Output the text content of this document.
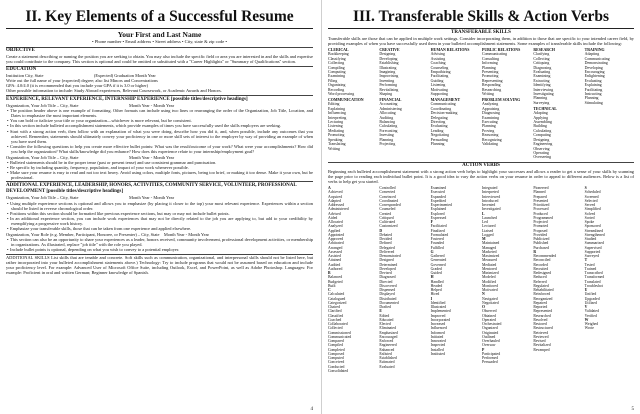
II. Key Elements of a Successful Resume
Your First and Last Name
• Phone number • Email address • Street address • City, state & zip code •
OBJECTIVE
Create a statement describing or naming the position you are seeking to obtain. You may also include the specific field or area you are interested in and the skills and expertise you could contribute to the company. This section is optional and could be omitted or substituted with a "Career Highlights" or "Summary of Qualifications" section.
EDUCATION
Institution City, State                                              (Expected) Graduation Month Year
Write out the full name of your (expected) degree; also list Minors and Concentrations
GPA: 4.0/4.0 (it is recommended that you include your GPA if it is 3.0 or higher)
Other possible information to include: Study Abroad experiences, Relevant Coursework, or Academic Awards and Honors.
EXPERIENCE, RELEVANT EXPERIENCE, INTERNSHIP EXPERIENCE [possible titles/descriptive headings]
Organization, Your Job Title – City, State                                              Month Year - Month Year
• The position header above is one example of formatting. Other formats can include using two lines or rearranging the order of the Organization, Job Title, Location, and Dates to emphasize the most important elements.
• You can bold or italicize your title or your organization—whichever is more relevant, but be consistent.
• In this section include bulleted accomplishment statements, which provide examples of times you have successfully used the skills employers are seeking.
• Start with a strong action verb, then follow with an explanation of what you were doing, describe how you did it, and, when possible, include any outcomes that you achieved. Remember, statements should ultimately convey your proficiency in one or more skill sets of interest to the employer by way of providing an example of when you have used them.
• Consider the following questions to help you create more effective bullet points: What was the result/outcome of your work? What were your accomplishments? How did you help the organization? What skills/knowledge did you enhance? How does this experience relate to your internship/employment goal?
Organization, Your Job Title – City, State                                              Month Year - Month Year
• Bulleted statements should be in the proper tense (past or present tense) and use consistent grammar and punctuation.
• Be specific by including quantity, frequency, population, and impact of your work whenever possible.
• Make sure your resume is easy to read and not too text heavy. Avoid using colors, multiple fonts, pictures, being too brief, or making it too dense. Make it your own, but be professional.
ADDITIONAL EXPERIENCE, LEADERSHIP, HONORS, ACTIVITIES, COMMUNITY SERVICE, VOLUNTEER, PROFESSIONAL DEVELOPMENT [possible titles/descriptive headings]
Organization, Your Job Title – City, State                                              Month Year - Month Year
• Using multiple experience sections is optional and allows you to emphasize (by placing it closer to the top) your most relevant experience. Experiences within a section should be listed in reverse chronological order.
• Positions within this section should be formatted like previous experience sections, but may or may not include bullet points.
• In an additional experience section, you can include work experiences that may not be directly related to the job you are applying to, but add to your credibility by exemplifying a progressive work history.
• Emphasize your transferable skills, those that can be taken from one experience and applied elsewhere.
Organization, Your Role (e.g. Member, Participant, Honoree, or Presenter) – City, State    Month Year - Month Year
• This section can also be an opportunity to share your experiences as a leader, honors received, community involvement, professional development activities, or membership in organizations. As illustrated, replace "job title" with the role you played.
• Include bullet points is optional, depending on what you wish to convey to a potential employer.
ADDITIONAL SKILLS List skills that are tenable and concrete. Soft skills such as communication, organizational, and interpersonal skills should not be listed here, but rather incorporated into your bulleted accomplishment statements above.) Technology: Try to include programs that would not be assumed based on education and include your proficiency level. For example: Advanced User of Microsoft Office Suite, including Outlook, Excel, and PowerPoint, as well as Adobe Photoshop. Languages: For example: Proficient in oral and written German; Beginner knowledge of Spanish.
4
III. Transferable Skills & Action Verbs
TRANSFERABLE SKILLS
Transferable skills are those that can be applied in multiple work settings. Consider incorporating them, in addition to those that are specific to your intended career field, by providing examples of when you have successfully used them in your bulleted accomplishment statements. Some examples of transferable skills include the following:
CLERICAL
Bookkeeping
Classifying
Collecting
Compiling
Computing
Examining
Filing
Organizing
Recording
Word processing
COMMUNICATION
Editing
Explaining
Influencing
Interpreting
Lecturing
Listening
Mediating
Promoting
Speaking
Translating
Writing
CREATIVE
Designing
Developing
Establishing
Illustrating
Imagining
Improvising
Inventing
Performing
Revitalizing
Shaping
FINANCIAL
Accounting
Administering
Allocating
Auditing
Balancing
Calculating
Forecasting
Investing
Planning
Projecting
HUMAN RELATIONS
Advising
Assisting
Coaching
Counseling
Empathizing
Facilitating
Guiding
Listening
Motivating
Supporting
MANAGEMENT
Communicating
Coordinating
Decision-making
Delegating
Directing
Evaluating
Leading
Negotiating
Persuading
Planning
PUBLIC RELATIONS
Communicating
Consulting
Informing
Planning
Presenting
Promoting
Representing
Responding
Researching
Writing
PROBLEM SOLVING
Analyzing
Appraising
Diagnosing
Examining
Executing
Planning
Proving
Reasoning
Recognizing
Validating
RESEARCH
Clarifying
Collecting
Critiquing
Diagnosing
Evaluating
Examining
Extracting
Identifying
Interviewing
Investigating
Planning
Surveying
TECHNICAL
Adapting
Applying
Assembling
Building
Calculating
Computing
Designing
Engineering
Observing
Operating
Overseeing
TRAINING
Adapting
Communicating
Demonstrating
Developing
Encouraging
Enlightening
Evaluating
Explaining
Facilitating
Instructing
Planning
Stimulating
ACTION VERBS
Beginning each bulleted accomplishment statement with a strong action verb helps to highlight your successes and allows a reader to get a sense of your skills by scanning the page prior to reading each individual bullet point. It is a good idea to vary the action verbs on your resume in order to appeal to different audiences. Below is a list of verbs to help get you started.
A
Achieved
Acquired
Adapted
Addressed
Administered
Advised
Aided
Allocated
Analyzed
Applied
Appointed
Approved
Arbitrated
Arranged
Assessed
Assisted
Attained
Audited
Authored
B
Balanced
Budgeted
Built
C
Calculated
Catalogued
Categorized
Chaired
Clarified
Classified
Coached
Collaborated
Collected
Commissioned
Communicated
Compared
Compiled
Completed
Composed
Computed
Conceived
Conducted
Consolidated
Controlled
Converted
Convinced
Coordinated
Corresponded
Counseled
Created
Critiqued
Cultivated
Customized
D
Debated
Decided
Defined
Delegated
Delivered
Demonstrated
Designed
Determined
Developed
Devised
Diagnosed
Directed
Discovered
Dispensed
Displayed
Distributed
Documented
Drafted
E
Edited
Educated
Elected
Eliminated
Emphasized
Encouraged
Enforced
Engineered
Enhanced
Enlisted
Established
Estimated
Evaluated
Examined
Executed
Expanded
Expedited
Experimented
Explained
Explored
Expressed
F
Facilitated
Finalized
Formulated
Fostered
Founded
Fulfilled
G
Gathered
Generated
Governed
Graded
Guided
H
Handled
Headed
Helped
Hired
I
Identified
Illustrated
Implemented
Improved
Incorporated
Increased
Influenced
Informed
Initiated
Innovated
Inspected
Installed
Instituted
Integrated
Interpreted
Interviewed
Introduced
Invented
Investigated
L
Launched
Led
Lectured
Liaised
Logged
M
Maintained
Managed
Marketed
Maximized
Measured
Mediated
Mentored
Minimized
Modeled
Modified
Monitored
Motivated
N
Navigated
Negotiated
O
Observed
Obtained
Operated
Orchestrated
Organized
Originated
Outlined
Overhauled
Oversaw
P
Participated
Performed
Persuaded
Pioneered
Planned
Prepared
Presented
Prioritized
Processed
Produced
Programmed
Projected
Promoted
Proposed
Provided
Publicized
Published
Purchased
R
Recommended
Reconciled
Recorded
Recruited
Redesigned
Reduced
Referred
Regulated
Rehabilitated
Reinforced
Reorganized
Repaired
Reported
Represented
Researched
Resolved
Restored
Restructured
Retrieved
Reviewed
Revised
Revitalized
Revamped
S
Scheduled
Screened
Selected
Served
Simplified
Solved
Sorted
Spoke
Sponsored
Streamlined
Strengthened
Studied
Summarized
Supervised
Supported
Surveyed
T
Tested
Trained
Transcribed
Transformed
Translated
Troubleshot
U
Unified
Upgraded
Utilized
V
Validated
Verified
W
Weighed
Wrote
5
